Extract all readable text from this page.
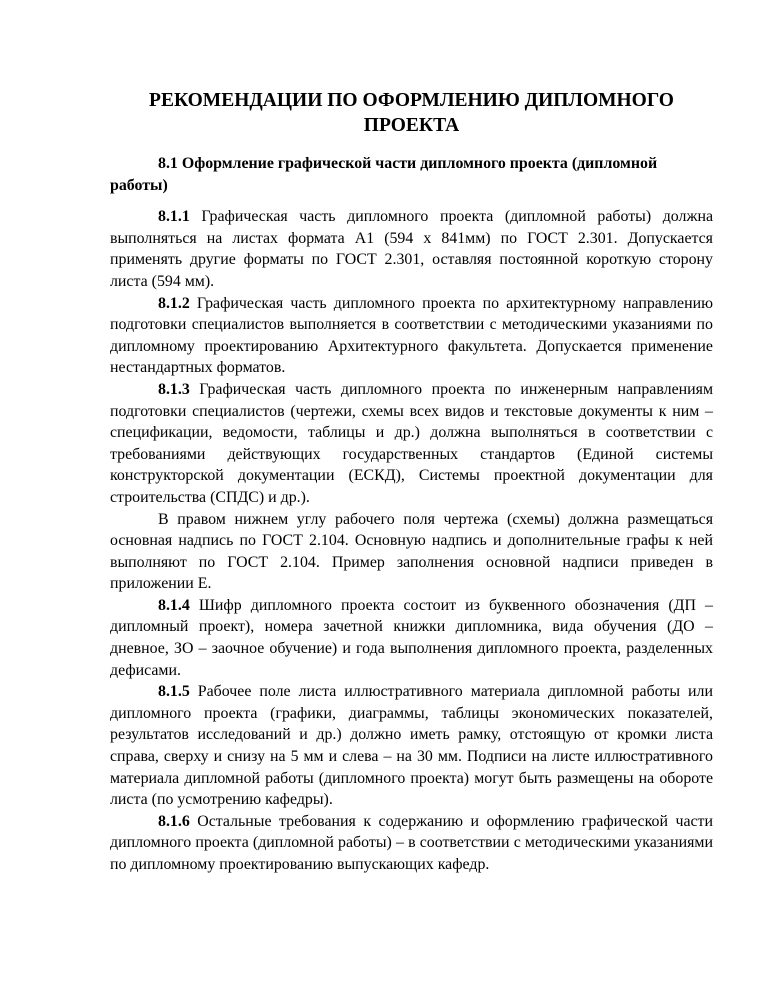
РЕКОМЕНДАЦИИ ПО ОФОРМЛЕНИЮ ДИПЛОМНОГО
ПРОЕКТА

8.1 Оформление графической части дипломного проекта (дипломной работы)

8.1.1 Графическая часть дипломного проекта (дипломной работы) должна выполняться на листах формата А1 (594 х 841мм) по ГОСТ 2.301. Допускается применять другие форматы по ГОСТ 2.301, оставляя постоянной короткую сторону листа (594 мм).

8.1.2 Графическая часть дипломного проекта по архитектурному направлению подготовки специалистов выполняется в соответствии с методическими указаниями по дипломному проектированию Архитектурного факультета. Допускается применение нестандартных форматов.

8.1.3 Графическая часть дипломного проекта по инженерным направлениям подготовки специалистов (чертежи, схемы всех видов и текстовые документы к ним – спецификации, ведомости, таблицы и др.) должна выполняться в соответствии с требованиями действующих государственных стандартов (Единой системы конструкторской документации (ЕСКД), Системы проектной документации для строительства (СПДС) и др.).

В правом нижнем углу рабочего поля чертежа (схемы) должна размещаться основная надпись по ГОСТ 2.104. Основную надпись и дополнительные графы к ней выполняют по ГОСТ 2.104. Пример заполнения основной надписи приведен в приложении Е.

8.1.4 Шифр дипломного проекта состоит из буквенного обозначения (ДП – дипломный проект), номера зачетной книжки дипломника, вида обучения (ДО – дневное, ЗО – заочное обучение) и года выполнения дипломного проекта, разделенных дефисами.

8.1.5 Рабочее поле листа иллюстративного материала дипломной работы или дипломного проекта (графики, диаграммы, таблицы экономических показателей, результатов исследований и др.) должно иметь рамку, отстоящую от кромки листа справа, сверху и снизу на 5 мм и слева – на 30 мм. Подписи на листе иллюстративного материала дипломной работы (дипломного проекта) могут быть размещены на обороте листа (по усмотрению кафедры).

8.1.6 Остальные требования к содержанию и оформлению графической части дипломного проекта (дипломной работы) – в соответствии с методическими указаниями по дипломному проектированию выпускающих кафедр.
